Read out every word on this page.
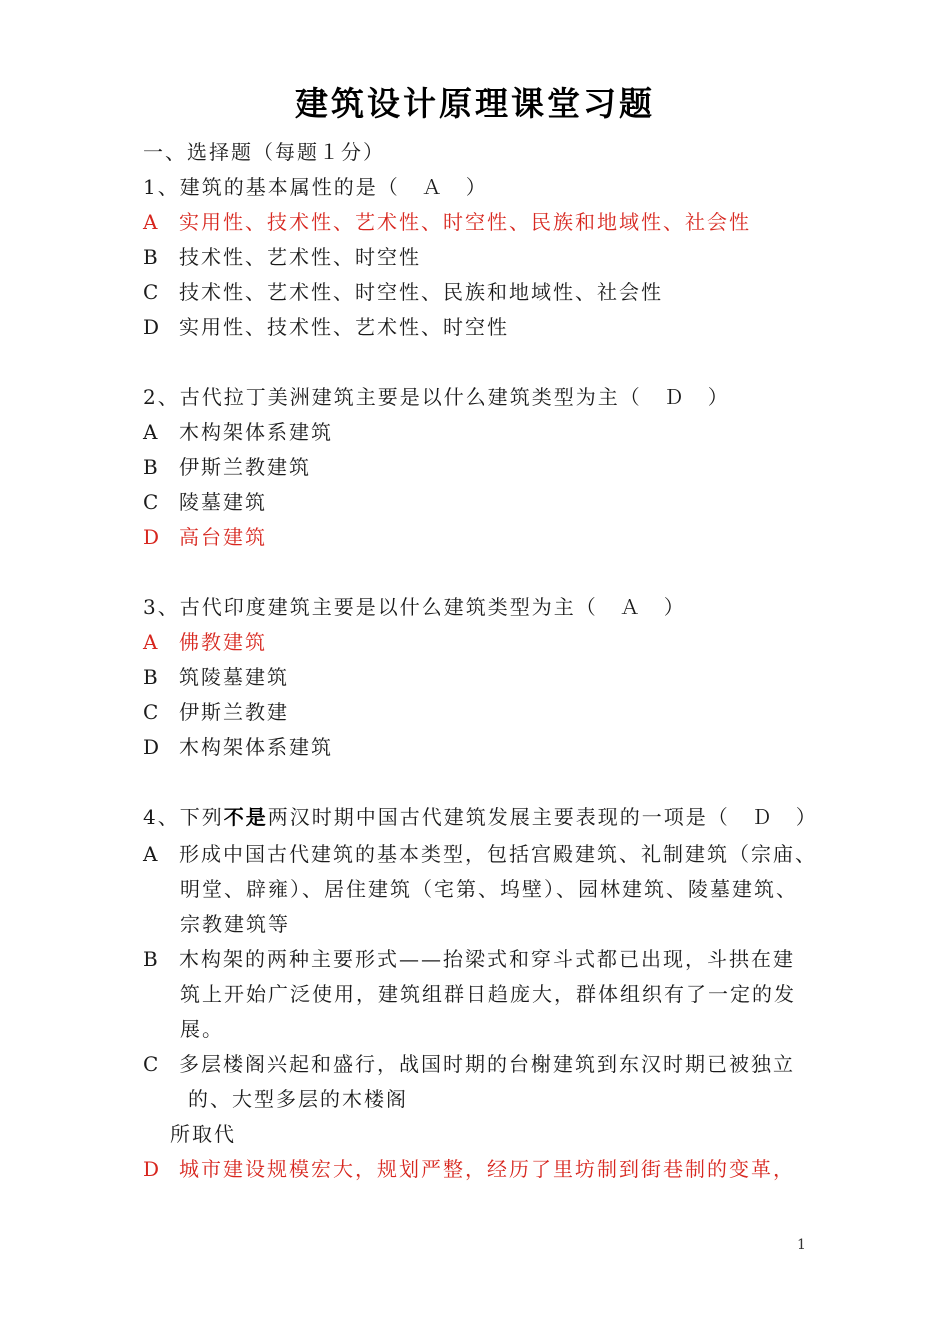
建筑设计原理课堂习题
一、选择题（每题１分）
1、建筑的基本属性的是（　Ａ　）
A 实用性、技术性、艺术性、时空性、民族和地域性、社会性
B 技术性、艺术性、时空性
C 技术性、艺术性、时空性、民族和地域性、社会性
D 实用性、技术性、艺术性、时空性
2、古代拉丁美洲建筑主要是以什么建筑类型为主（　Ｄ　）
A 木构架体系建筑
B 伊斯兰教建筑
C 陵墓建筑
D 高台建筑
3、古代印度建筑主要是以什么建筑类型为主（　Ａ　）
A 佛教建筑
B 筑陵墓建筑
C 伊斯兰教建
D 木构架体系建筑
4、下列不是两汉时期中国古代建筑发展主要表现的一项是（　Ｄ　）
A 形成中国古代建筑的基本类型，包括宫殿建筑、礼制建筑（宗庙、
明堂、辟雍）、居住建筑（宅第、坞壁）、园林建筑、陵墓建筑、
宗教建筑等
B 木构架的两种主要形式——抬梁式和穿斗式都已出现，斗拱在建
筑上开始广泛使用，建筑组群日趋庞大，群体组织有了一定的发
展。
C 多层楼阁兴起和盛行，战国时期的台榭建筑到东汉时期已被独立
的、大型多层的木楼阁
所取代
D 城市建设规模宏大，规划严整，经历了里坊制到街巷制的变革，
1
